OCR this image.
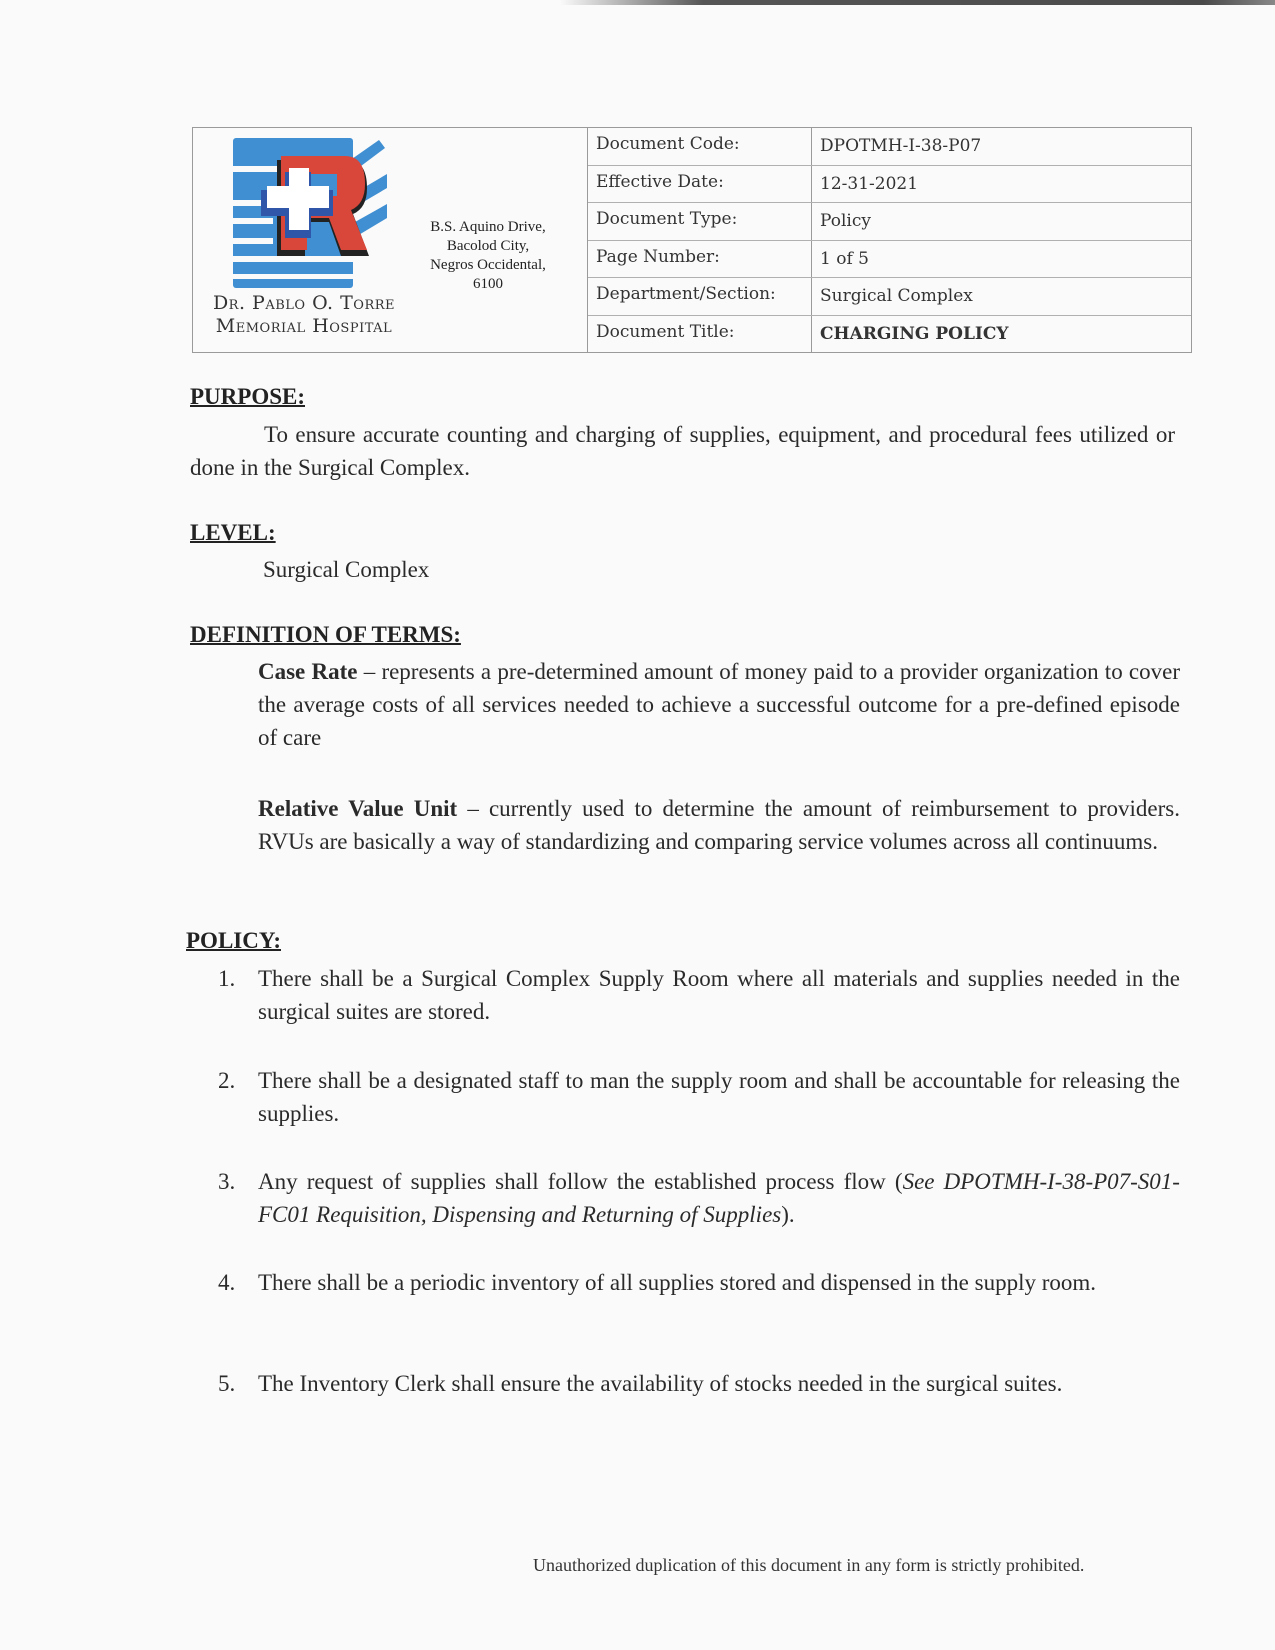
Dr. Pablo O. Torre
Memorial Hospital
B.S. Aquino Drive,
Bacolod City,
Negros Occidental,
6100
Document Code:	DPOTMH-I-38-P07
Effective Date:	12-31-2021
Document Type:	Policy
Page Number:	1 of 5
Department/Section:	Surgical Complex
Document Title:	CHARGING POLICY
PURPOSE:
To ensure accurate counting and charging of supplies, equipment, and procedural fees utilized or done in the Surgical Complex.
LEVEL:
Surgical Complex
DEFINITION OF TERMS:
Case Rate – represents a pre-determined amount of money paid to a provider organization to cover the average costs of all services needed to achieve a successful outcome for a pre-defined episode of care
Relative Value Unit – currently used to determine the amount of reimbursement to providers. RVUs are basically a way of standardizing and comparing service volumes across all continuums.
POLICY:
1. There shall be a Surgical Complex Supply Room where all materials and supplies needed in the surgical suites are stored.
2. There shall be a designated staff to man the supply room and shall be accountable for releasing the supplies.
3. Any request of supplies shall follow the established process flow (See DPOTMH-I-38-P07-S01-FC01 Requisition, Dispensing and Returning of Supplies).
4. There shall be a periodic inventory of all supplies stored and dispensed in the supply room.
5. The Inventory Clerk shall ensure the availability of stocks needed in the surgical suites.
Unauthorized duplication of this document in any form is strictly prohibited.
